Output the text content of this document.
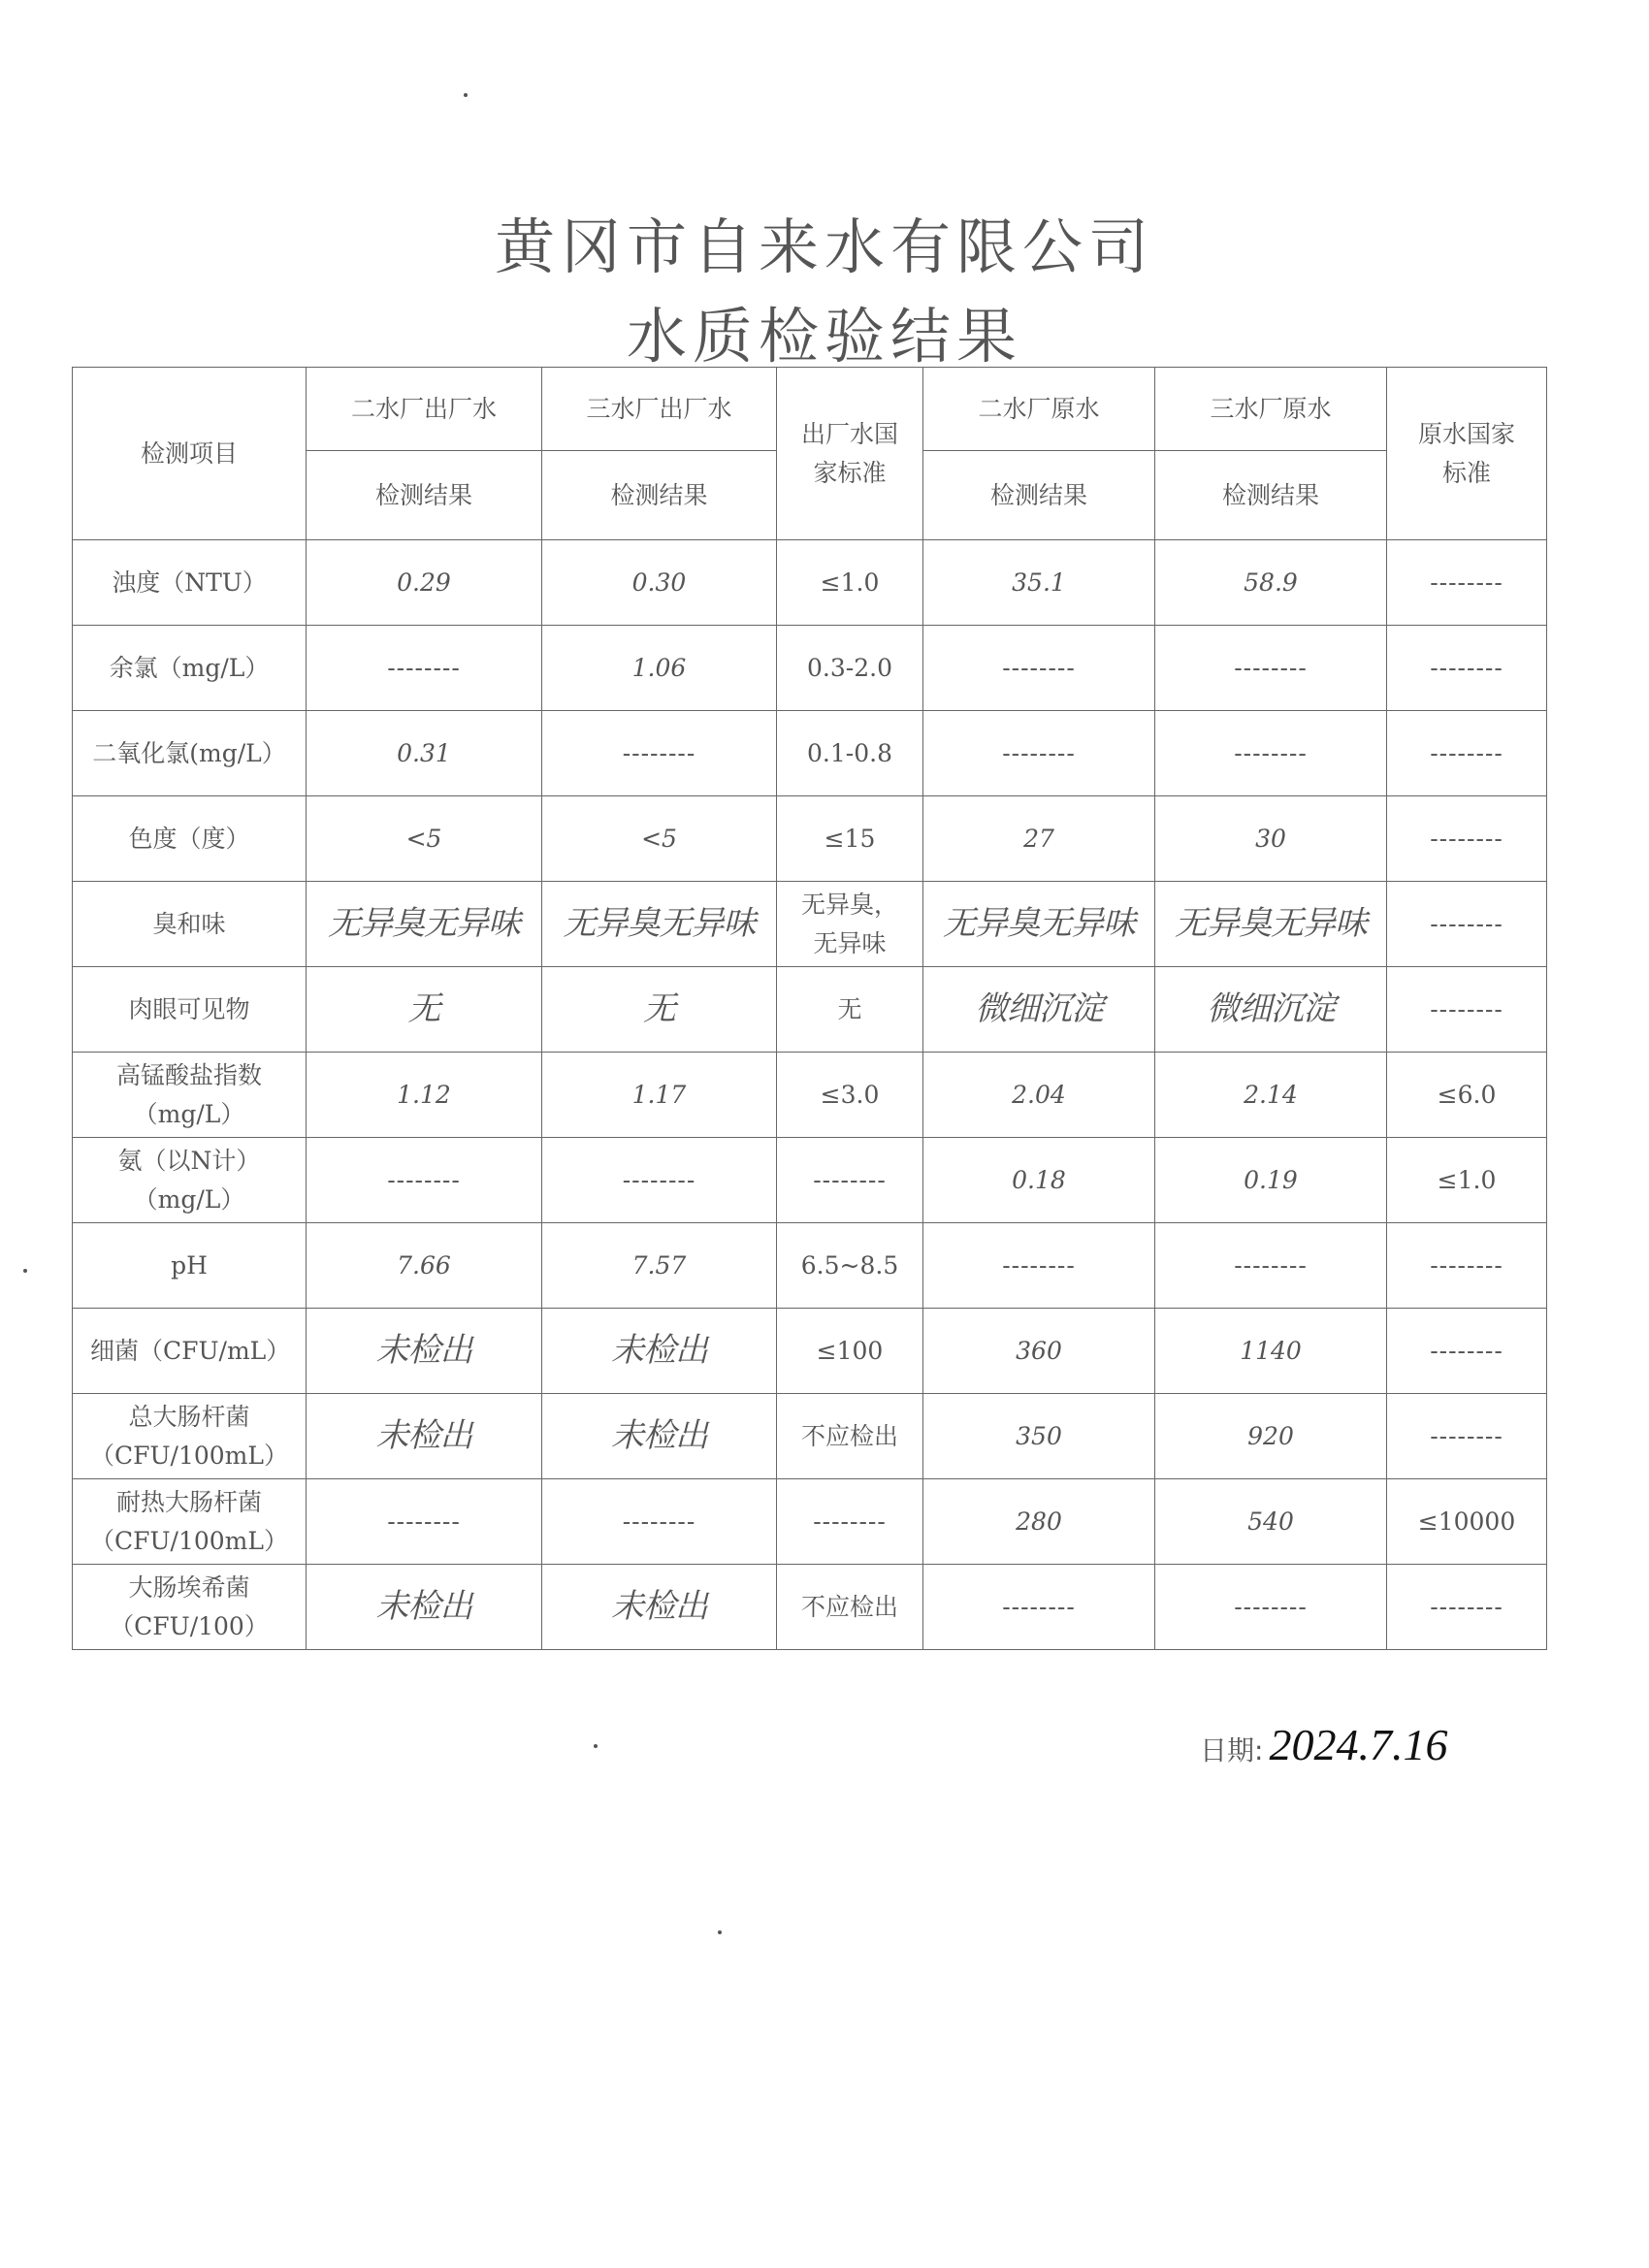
黄冈市自来水有限公司
水质检验结果
检测项目	二水厂出厂水	三水厂出厂水	出厂水国家标准	二水厂原水	三水厂原水	原水国家标准
	检测结果	检测结果		检测结果	检测结果	
浊度（NTU）	0.29	0.30	≤1.0	35.1	58.9	--------
余氯（mg/L）	--------	1.06	0.3-2.0	--------	--------	--------
二氧化氯(mg/L）	0.31	--------	0.1-0.8	--------	--------	--------
色度（度）	<5	<5	≤15	27	30	--------
臭和味	无异臭无异味	无异臭无异味	无异臭，无异味	无异臭无异味	无异臭无异味	--------
肉眼可见物	无	无	无	微细沉淀	微细沉淀	--------
高锰酸盐指数（mg/L）	1.12	1.17	≤3.0	2.04	2.14	≤6.0
氨（以N计）（mg/L）	--------	--------	--------	0.18	0.19	≤1.0
pH	7.66	7.57	6.5~8.5	--------	--------	--------
细菌（CFU/mL）	未检出	未检出	≤100	360	1140	--------
总大肠杆菌（CFU/100mL）	未检出	未检出	不应检出	350	920	--------
耐热大肠杆菌（CFU/100mL）	--------	--------	--------	280	540	≤10000
大肠埃希菌（CFU/100）	未检出	未检出	不应检出	--------	--------	--------
日期: 2024.7.16
